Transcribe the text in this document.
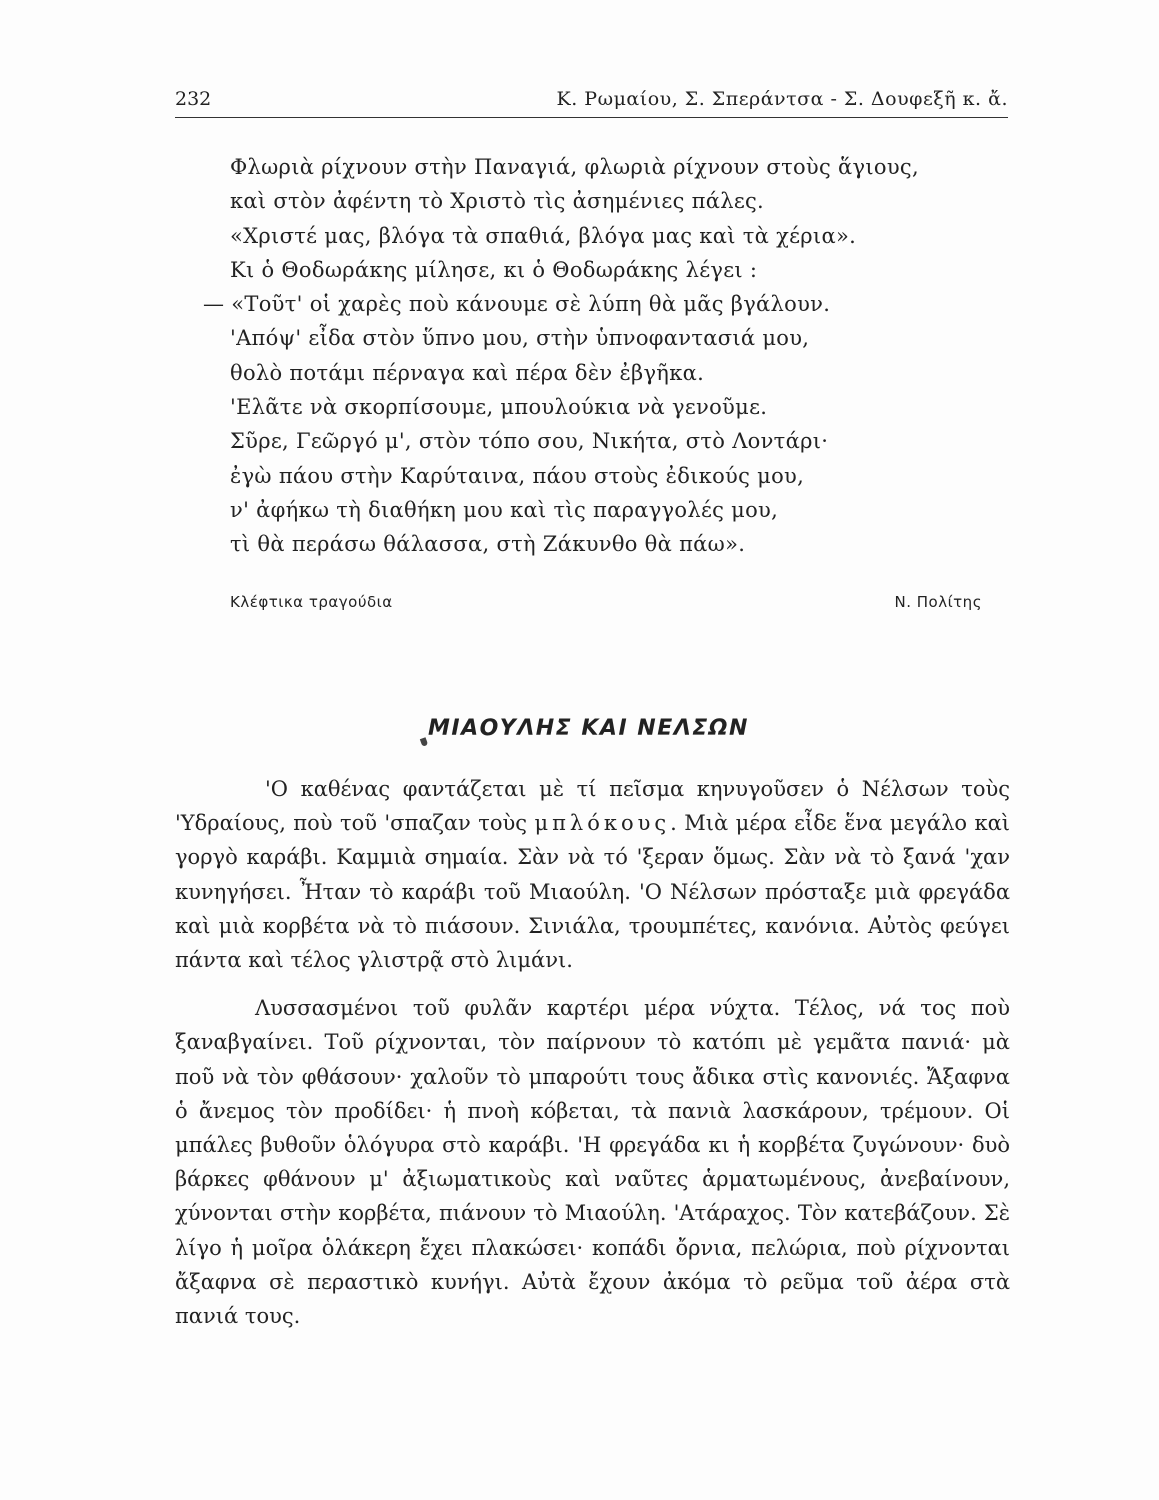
232	Κ. Ρωμαίου, Σ. Σπεράντσα - Σ. Δουφεξῆ κ. ἄ.
Φλωριὰ ρίχνουν στὴν Παναγιά, φλωριὰ ρίχνουν στοὺς ἅγιους,
καὶ στὸν ἀφέντη τὸ Χριστὸ τὶς ἀσημένιες πάλες.
«Χριστέ μας, βλόγα τὰ σπαθιά, βλόγα μας καὶ τὰ χέρια».
Κι ὁ Θοδωράκης μίλησε, κι ὁ Θοδωράκης λέγει :
— «Τοῦτ' οἱ χαρὲς ποὺ κάνουμε σὲ λύπη θὰ μᾶς βγάλουν.
'Απόψ' εἶδα στὸν ὕπνο μου, στὴν ὑπνοφαντασιά μου,
θολὸ ποτάμι πέρναγα καὶ πέρα δὲν ἐβγῆκα.
'Ελᾶτε νὰ σκορπίσουμε, μπουλούκια νὰ γενοῦμε.
Σῦρε, Γεῶργό μ', στὸν τόπο σου, Νικήτα, στὸ Λοντάρι·
ἐγὼ πάου στὴν Καρύταινα, πάου στοὺς ἐδικούς μου,
ν' ἀφήκω τὴ διαθήκη μου καὶ τὶς παραγγολές μου,
τὶ θὰ περάσω θάλασσα, στὴ Ζάκυνθο θὰ πάω».
Κλέφτικα τραγούδια	Ν. Πολίτης
ΜΙΑΟΥΛΗΣ ΚΑΙ ΝΕΛΣΩΝ

'Ο καθένας φαντάζεται μὲ τί πεῖσμα κηνυγοῦσεν ὁ Νέλσων τοὺς 'Υδραίους, ποὺ τοῦ 'σπαζαν τοὺς μπλόκους. Μιὰ μέρα εἶδε ἕνα μεγάλο καὶ γοργὸ καράβι. Καμμιὰ σημαία. Σὰν νὰ τό 'ξεραν ὅμως. Σὰν νὰ τὸ ξανά 'χαν κυνηγήσει. Ἦταν τὸ καράβι τοῦ Μιαούλη. 'Ο Νέλσων πρόσταξε μιὰ φρεγάδα καὶ μιὰ κορβέτα νὰ τὸ πιάσουν. Σινιάλα, τρουμπέτες, κανόνια. Αὐτὸς φεύγει πάντα καὶ τέλος γλιστρᾷ στὸ λιμάνι.

Λυσσασμένοι τοῦ φυλᾶν καρτέρι μέρα νύχτα. Τέλος, νά τος ποὺ ξαναβγαίνει. Τοῦ ρίχνονται, τὸν παίρνουν τὸ κατόπι μὲ γεμᾶτα πανιά· μὰ ποῦ νὰ τὸν φθάσουν· χαλοῦν τὸ μπαρούτι τους ἄδικα στὶς κανονιές. Ἄξαφνα ὁ ἄνεμος τὸν προδίδει· ἡ πνοὴ κόβεται, τὰ πανιὰ λασκάρουν, τρέμουν. Οἱ μπάλες βυθοῦν ὁλόγυρα στὸ καράβι. 'Η φρεγάδα κι ἡ κορβέτα ζυγώνουν· δυὸ βάρκες φθάνουν μ' ἀξιωματικοὺς καὶ ναῦτες ἁρματωμένους, ἀνεβαίνουν, χύνονται στὴν κορβέτα, πιάνουν τὸ Μιαούλη. 'Ατάραχος. Τὸν κατεβάζουν. Σὲ λίγο ἡ μοῖρα ὁλάκερη ἔχει πλακώσει· κοπάδι ὄρνια, πελώρια, ποὺ ρίχνονται ἄξαφνα σὲ περαστικὸ κυνήγι. Αὐτὰ ἔχουν ἀκόμα τὸ ρεῦμα τοῦ ἀέρα στὰ πανιά τους.
